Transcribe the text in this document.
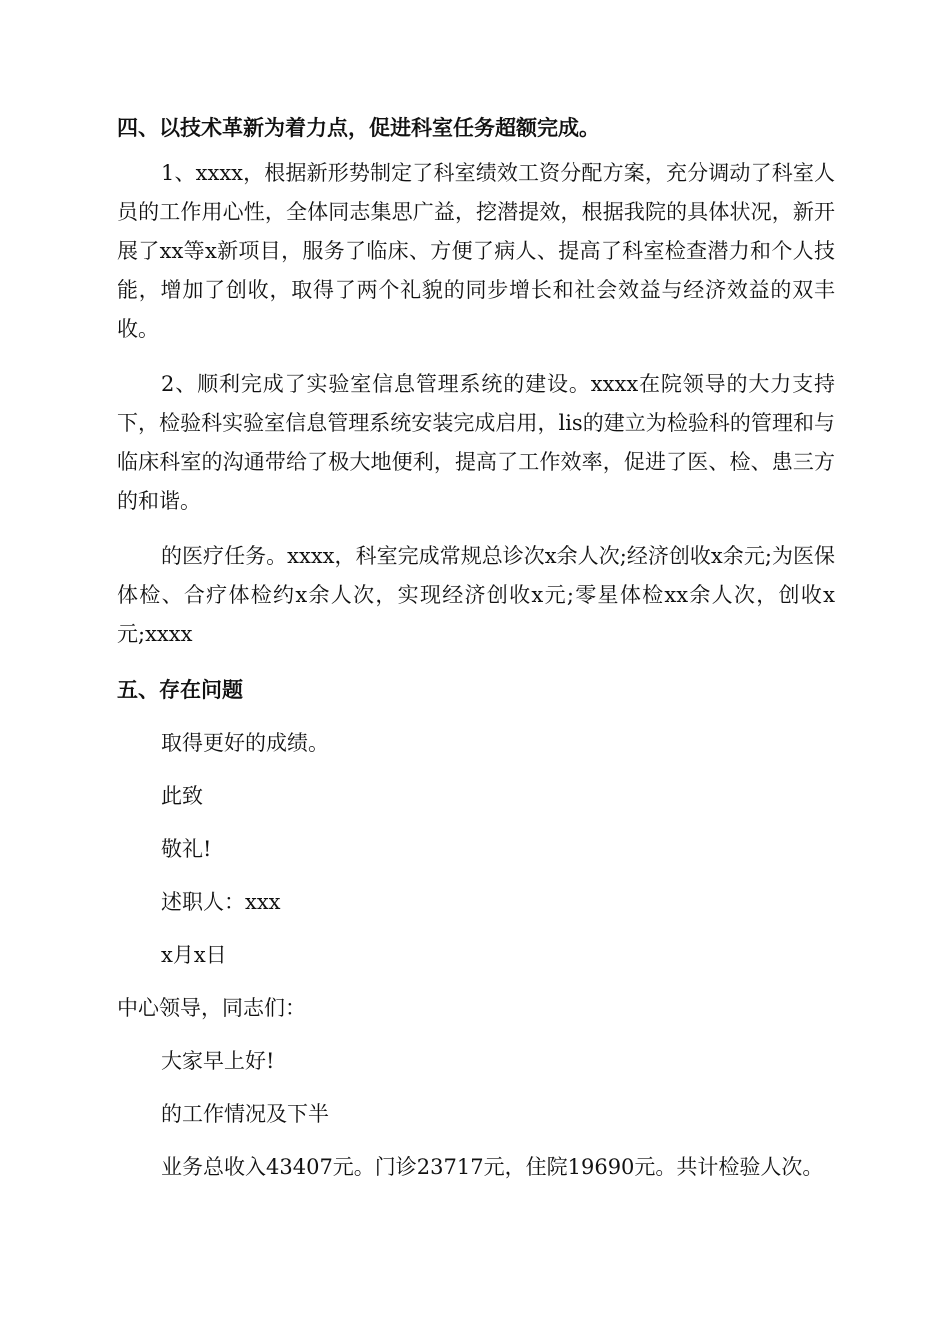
四、以技术革新为着力点，促进科室任务超额完成。

1、xxxx，根据新形势制定了科室绩效工资分配方案，充分调动了科室人员的工作用心性，全体同志集思广益，挖潜提效，根据我院的具体状况，新开展了xx等x新项目，服务了临床、方便了病人、提高了科室检查潜力和个人技能，增加了创收，取得了两个礼貌的同步增长和社会效益与经济效益的双丰收。

2、顺利完成了实验室信息管理系统的建设。xxxx在院领导的大力支持下，检验科实验室信息管理系统安装完成启用，lis的建立为检验科的管理和与临床科室的沟通带给了极大地便利，提高了工作效率，促进了医、检、患三方的和谐。

的医疗任务。xxxx，科室完成常规总诊次x余人次;经济创收x余元;为医保体检、合疗体检约x余人次，实现经济创收x元;零星体检xx余人次，创收x元;xxxx

五、存在问题

取得更好的成绩。

此致

敬礼!

述职人：xxx

x月x日

中心领导，同志们：

大家早上好!

的工作情况及下半

业务总收入43407元。门诊23717元，住院19690元。共计检验人次。
